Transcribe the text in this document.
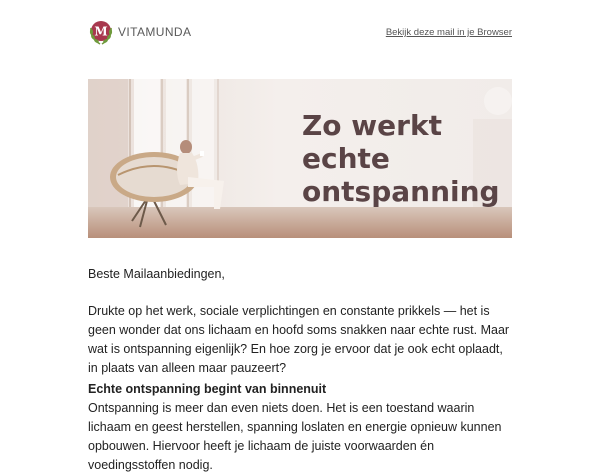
M VITAMUNDA	Bekijk deze mail in je Browser
Zo werkt
echte
ontspanning

Beste Mailaanbiedingen,

Drukte op het werk, sociale verplichtingen en constante prikkels — het is geen wonder dat ons lichaam en hoofd soms snakken naar echte rust. Maar wat is ontspanning eigenlijk? En hoe zorg je ervoor dat je ook echt oplaadt, in plaats van alleen maar pauzeert?

Echte ontspanning begint van binnenuit

Ontspanning is meer dan even niets doen. Het is een toestand waarin lichaam en geest herstellen, spanning loslaten en energie opnieuw kunnen opbouwen. Hiervoor heeft je lichaam de juiste voorwaarden én voedingsstoffen nodig.
